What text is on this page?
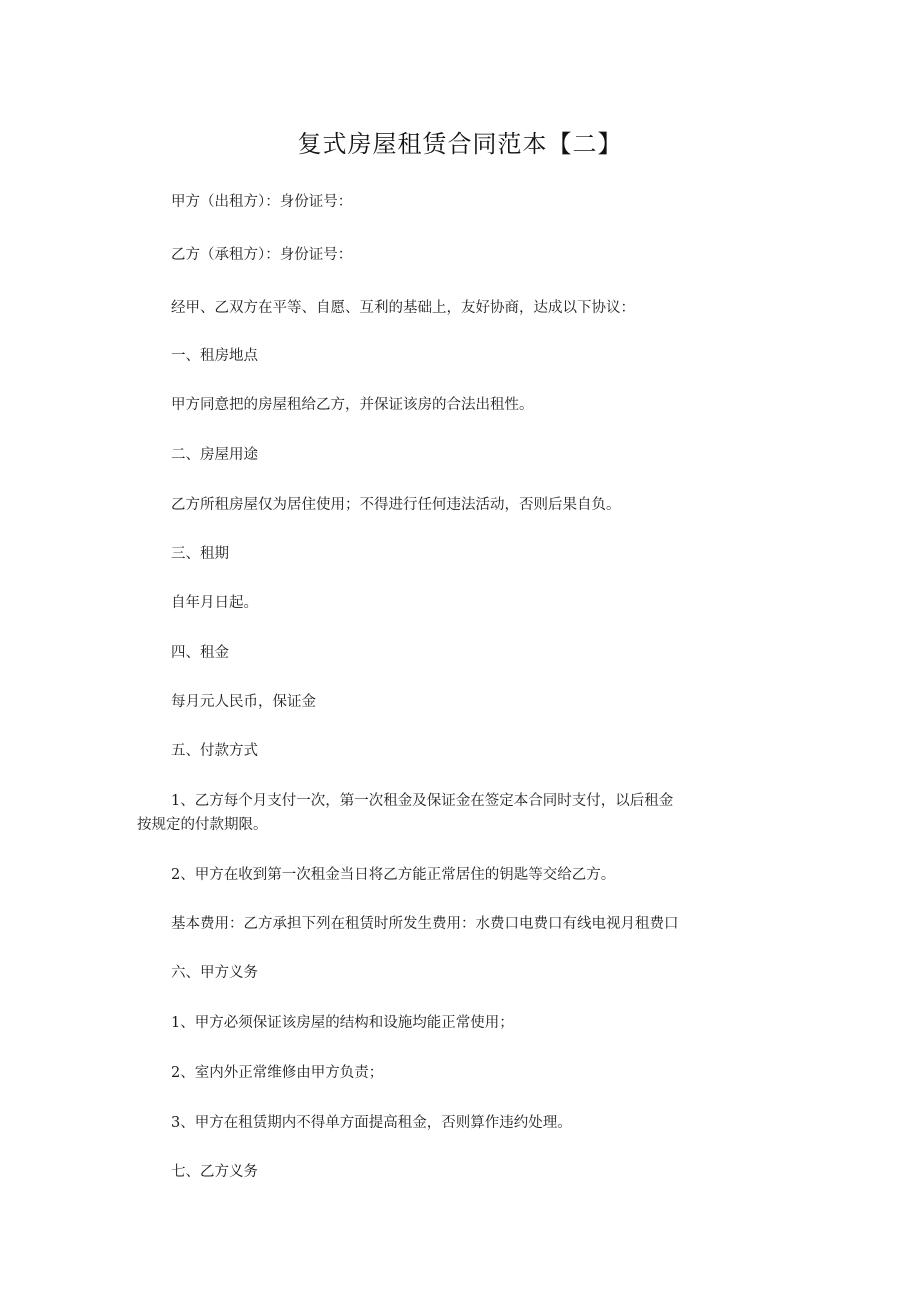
复式房屋租赁合同范本【二】
甲方（出租方）：身份证号：
乙方（承租方）：身份证号：
经甲、乙双方在平等、自愿、互利的基础上，友好协商，达成以下协议：
一、租房地点
甲方同意把的房屋租给乙方，并保证该房的合法出租性。
二、房屋用途
乙方所租房屋仅为居住使用；不得进行任何违法活动，否则后果自负。
三、租期
自年月日起。
四、租金
每月元人民币，保证金
五、付款方式
1、乙方每个月支付一次，第一次租金及保证金在签定本合同时支付，以后租金
按规定的付款期限。
2、甲方在收到第一次租金当日将乙方能正常居住的钥匙等交给乙方。
基本费用：乙方承担下列在租赁时所发生费用：水费口电费口有线电视月租费口
六、甲方义务
1、甲方必须保证该房屋的结构和设施均能正常使用；
2、室内外正常维修由甲方负责；
3、甲方在租赁期内不得单方面提高租金，否则算作违约处理。
七、乙方义务
